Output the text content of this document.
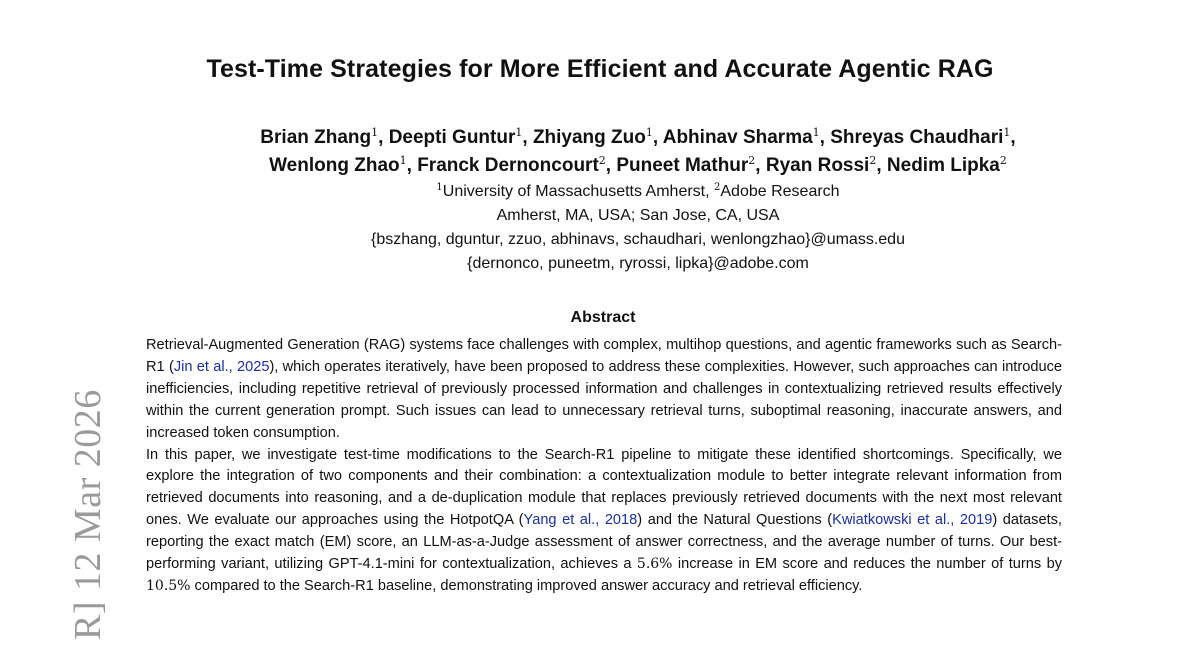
R] 12 Mar 2026
Test-Time Strategies for More Efficient and Accurate Agentic RAG
Brian Zhang$^1$, Deepti Guntur$^1$, Zhiyang Zuo$^1$, Abhinav Sharma$^1$, Shreyas Chaudhari$^1$,
Wenlong Zhao$^1$, Franck Dernoncourt$^2$, Puneet Mathur$^2$, Ryan Rossi$^2$, Nedim Lipka$^2$
$^1$University of Massachusetts Amherst, $^2$Adobe Research
Amherst, MA, USA; San Jose, CA, USA
{bszhang, dguntur, zzuo, abhinavs, schaudhari, wenlongzhao}@umass.edu
{dernonco, puneetm, ryrossi, lipka}@adobe.com
Abstract

Retrieval-Augmented Generation (RAG) systems face challenges with complex, multihop questions, and agentic frameworks such as Search-R1 (Jin et al., 2025), which operates iteratively, have been proposed to address these complexities. However, such approaches can introduce inefficiencies, including repetitive retrieval of previously processed information and challenges in contextualizing retrieved results effectively within the current generation prompt. Such issues can lead to unnecessary retrieval turns, suboptimal reasoning, inaccurate answers, and increased token consumption.

In this paper, we investigate test-time modifications to the Search-R1 pipeline to mitigate these identified shortcomings. Specifically, we explore the integration of two components and their combination: a contextualization module to better integrate relevant information from retrieved documents into reasoning, and a de-duplication module that replaces previously retrieved documents with the next most relevant ones. We evaluate our approaches using the HotpotQA (Yang et al., 2018) and the Natural Questions (Kwiatkowski et al., 2019) datasets, reporting the exact match (EM) score, an LLM-as-a-Judge assessment of answer correctness, and the average number of turns. Our best-performing variant, utilizing GPT-4.1-mini for contextualization, achieves a 5.6% increase in EM score and reduces the number of turns by 10.5% compared to the Search-R1 baseline, demonstrating improved answer accuracy and retrieval efficiency.
